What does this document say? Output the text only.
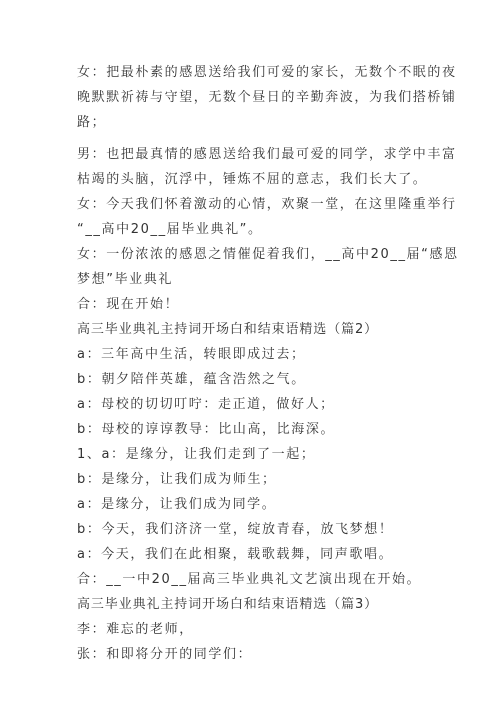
女：把最朴素的感恩送给我们可爱的家长，无数个不眠的夜

晚默默祈祷与守望，无数个昼日的辛勤奔波，为我们搭桥铺

路；

男：也把最真情的感恩送给我们最可爱的同学，求学中丰富

枯竭的头脑，沉浮中，锤炼不屈的意志，我们长大了。

女：今天我们怀着激动的心情，欢聚一堂，在这里隆重举行

“__高中20__届毕业典礼”。

女：一份浓浓的感恩之情催促着我们，__高中20__届“感恩

梦想”毕业典礼

合：现在开始！

高三毕业典礼主持词开场白和结束语精选（篇2）

a：三年高中生活，转眼即成过去；

b：朝夕陪伴英雄，蕴含浩然之气。

a：母校的切切叮咛：走正道，做好人；

b：母校的谆谆教导：比山高，比海深。

1、a：是缘分，让我们走到了一起；

b：是缘分，让我们成为师生；

a：是缘分，让我们成为同学。

b：今天，我们济济一堂，绽放青春，放飞梦想！

a：今天，我们在此相聚，载歌载舞，同声歌唱。

合：__一中20__届高三毕业典礼文艺演出现在开始。

高三毕业典礼主持词开场白和结束语精选（篇3）

李：难忘的老师，

张：和即将分开的同学们：
